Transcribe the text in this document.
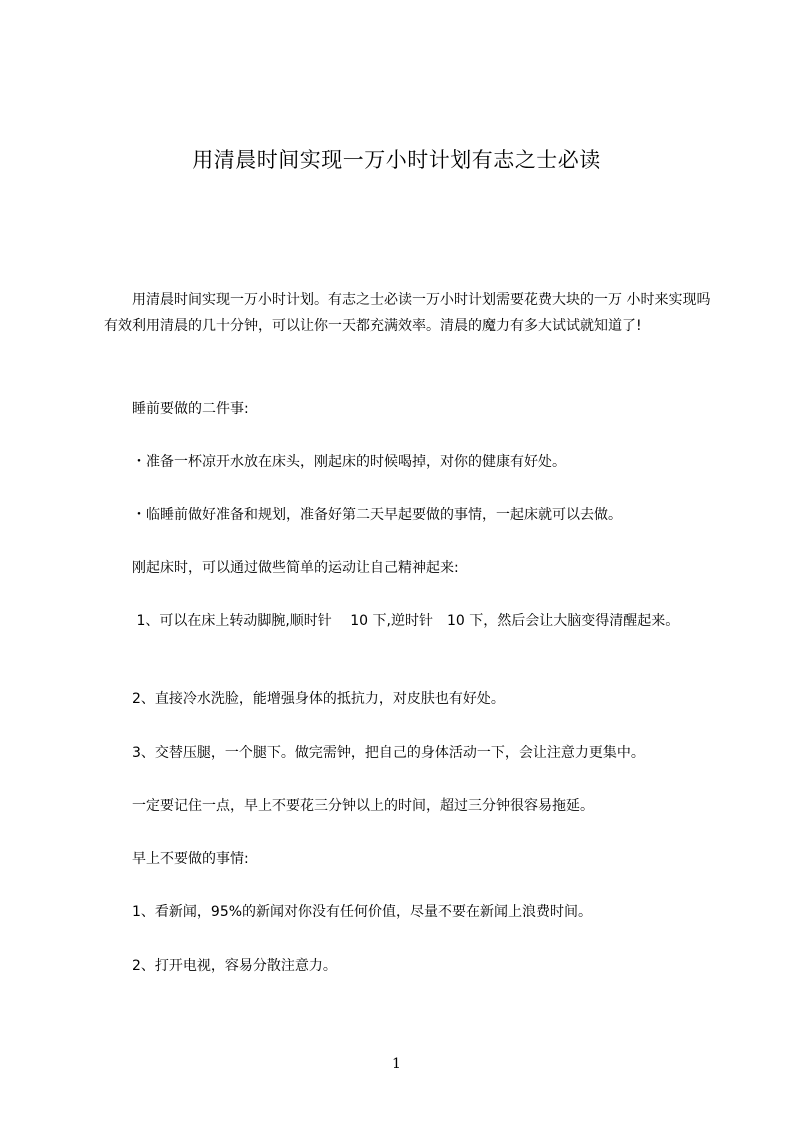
用清晨时间实现一万小时计划有志之士必读
　　用清晨时间实现一万小时计划。有志之士必读一万小时计划需要花费大块的一万 小时来实现吗有效利用清晨的几十分钟，可以让你一天都充满效率。清晨的魔力有多大试试就知道了!
　　睡前要做的二件事:
　　・准备一杯凉开水放在床头，刚起床的时候喝掉，对你的健康有好处。
　　・临睡前做好准备和规划，准备好第二天早起要做的事情，一起床就可以去做。
　　刚起床时，可以通过做些简单的运动让自己精神起来:
　　 1、可以在床上转动脚腕,顺时针　 10 下,逆时针　10 下，然后会让大脑变得清醒起来。
　　2、直接冷水洗脸，能增强身体的抵抗力，对皮肤也有好处。
　　3、交替压腿，一个腿下。做完需钟，把自己的身体活动一下，会让注意力更集中。
　　一定要记住一点，早上不要花三分钟以上的时间，超过三分钟很容易拖延。
　　早上不要做的事情:
　　1、看新闻，95%的新闻对你没有任何价值，尽量不要在新闻上浪费时间。
　　2、打开电视，容易分散注意力。
1
